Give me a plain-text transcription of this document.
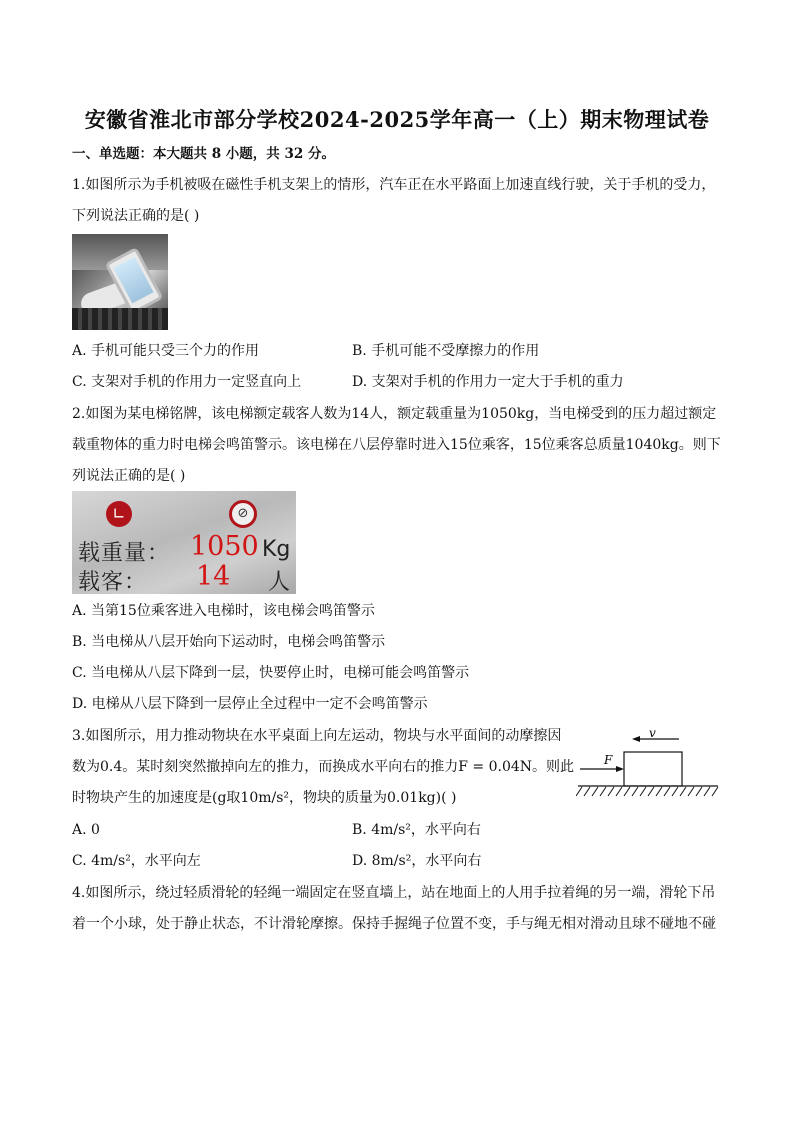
安徽省淮北市部分学校2024-2025学年高一（上）期末物理试卷
一、单选题：本大题共 8 小题，共 32 分。
1.如图所示为手机被吸在磁性手机支架上的情形，汽车正在水平路面上加速直线行驶，关于手机的受力，
下列说法正确的是( )
A. 手机可能只受三个力的作用	B. 手机可能不受摩擦力的作用
C. 支架对手机的作用力一定竖直向上	D. 支架对手机的作用力一定大于手机的重力
2.如图为某电梯铭牌，该电梯额定载客人数为14人，额定载重量为1050kg，当电梯受到的压力超过额定
载重物体的重力时电梯会鸣笛警示。该电梯在八层停靠时进入15位乘客，15位乘客总质量1040kg。则下
列说法正确的是( )
∟	⊘
载重量： 1050 Kg
载客： 14 人
A. 当第15位乘客进入电梯时，该电梯会鸣笛警示
B. 当电梯从八层开始向下运动时，电梯会鸣笛警示
C. 当电梯从八层下降到一层，快要停止时，电梯可能会鸣笛警示
D. 电梯从八层下降到一层停止全过程中一定不会鸣笛警示
3.如图所示，用力推动物块在水平桌面上向左运动，物块与水平面间的动摩擦因
数为0.4。某时刻突然撤掉向左的推力，而换成水平向右的推力F = 0.04N。则此
时物块产生的加速度是(g取10m/s²，物块的质量为0.01kg)( )
v
F
A. 0	B. 4m/s²，水平向右
C. 4m/s²，水平向左	D. 8m/s²，水平向右
4.如图所示，绕过轻质滑轮的轻绳一端固定在竖直墙上，站在地面上的人用手拉着绳的另一端，滑轮下吊
着一个小球，处于静止状态，不计滑轮摩擦。保持手握绳子位置不变，手与绳无相对滑动且球不碰地不碰
